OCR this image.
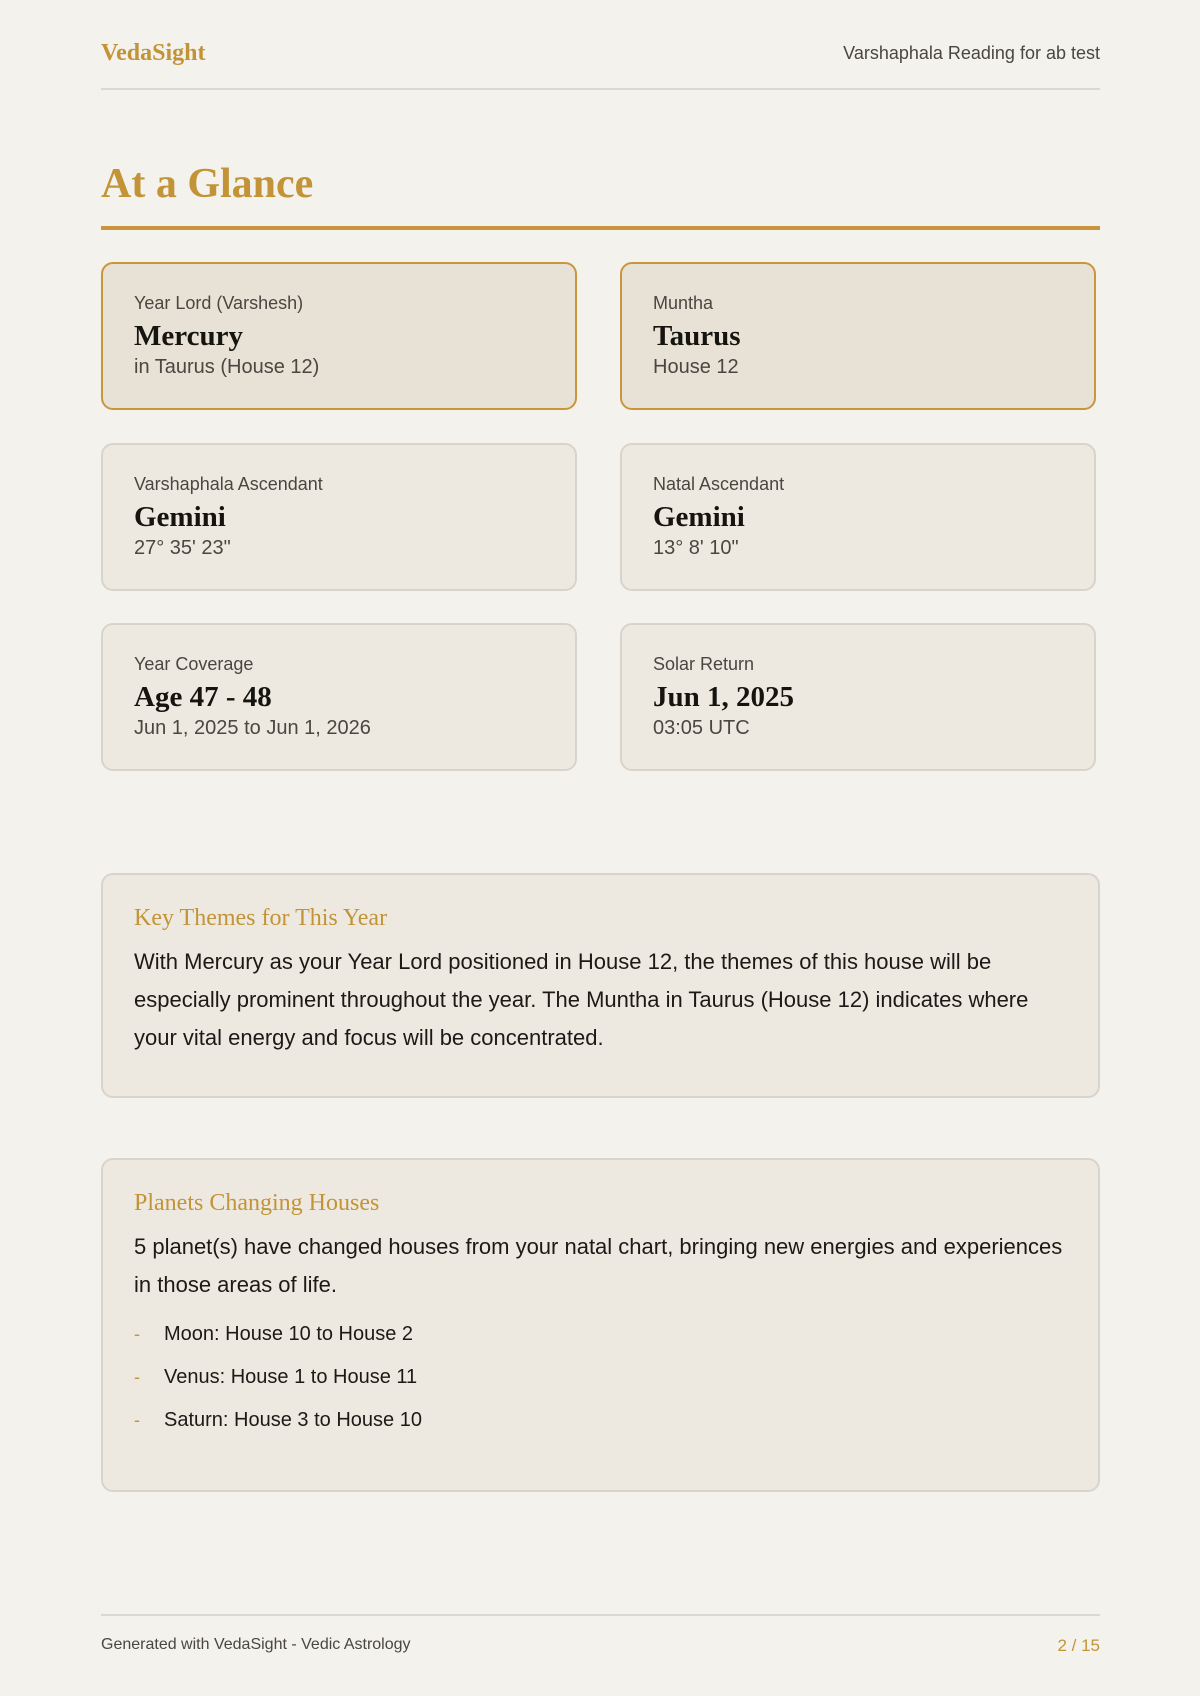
VedaSight	Varshaphala Reading for ab test
At a Glance
Year Lord (Varshesh)
Mercury
in Taurus (House 12)
Muntha
Taurus
House 12
Varshaphala Ascendant
Gemini
27° 35' 23"
Natal Ascendant
Gemini
13° 8' 10"
Year Coverage
Age 47 - 48
Jun 1, 2025 to Jun 1, 2026
Solar Return
Jun 1, 2025
03:05 UTC
Key Themes for This Year
With Mercury as your Year Lord positioned in House 12, the themes of this house will be especially prominent throughout the year. The Muntha in Taurus (House 12) indicates where your vital energy and focus will be concentrated.
Planets Changing Houses
5 planet(s) have changed houses from your natal chart, bringing new energies and experiences in those areas of life.
- Moon: House 10 to House 2
- Venus: House 1 to House 11
- Saturn: House 3 to House 10
Generated with VedaSight - Vedic Astrology	2 / 15
